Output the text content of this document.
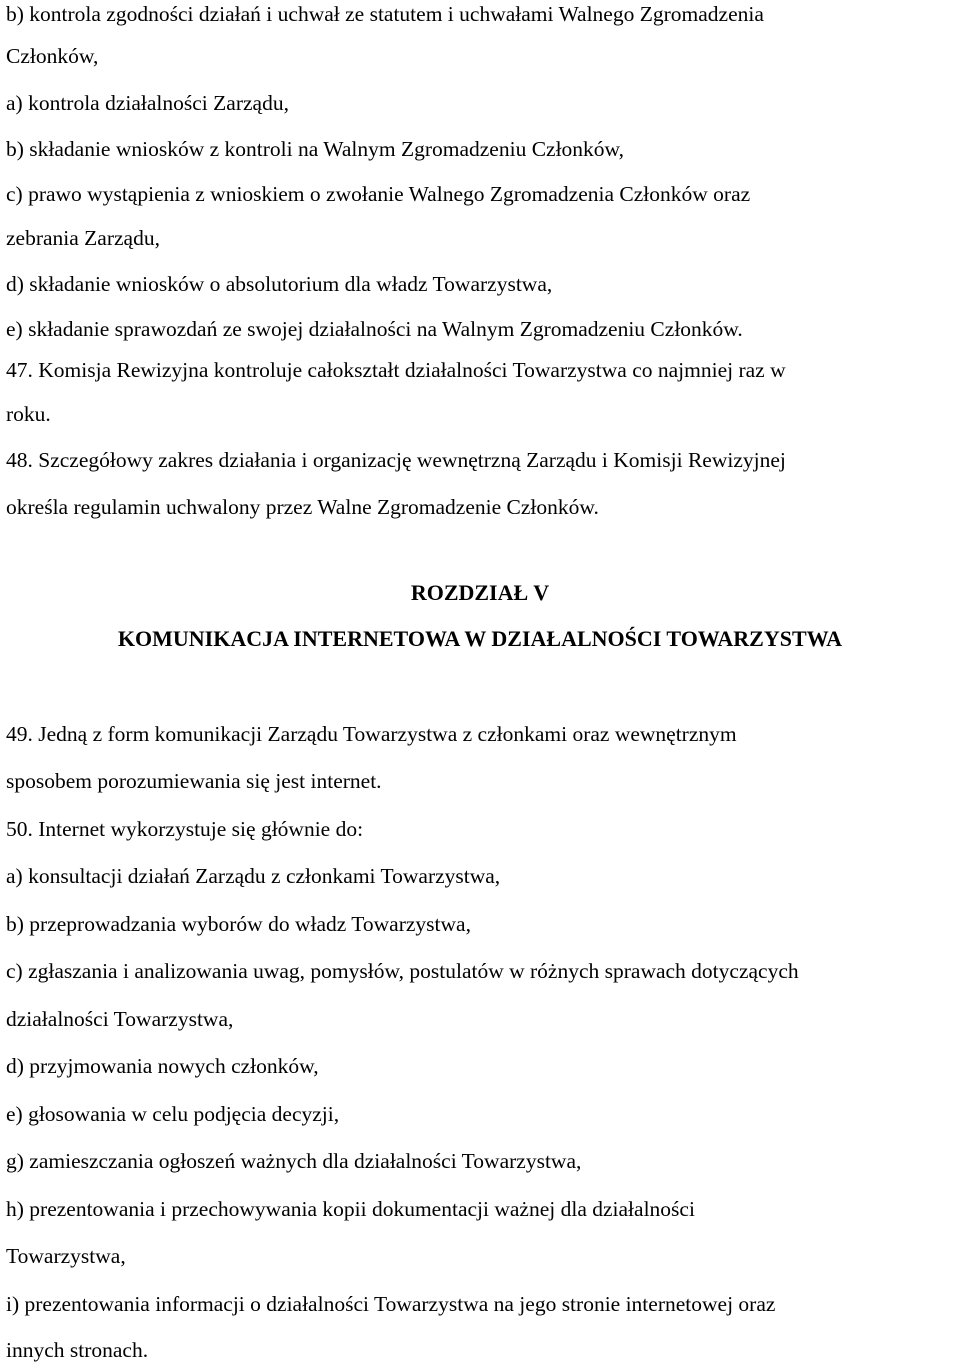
b) kontrola zgodności działań i uchwał ze statutem i uchwałami Walnego Zgromadzenia
Członków,
a) kontrola działalności Zarządu,
b) składanie wniosków z kontroli na Walnym Zgromadzeniu Członków,
c) prawo wystąpienia z wnioskiem o zwołanie Walnego Zgromadzenia Członków oraz
zebrania Zarządu,
d) składanie wniosków o absolutorium dla władz Towarzystwa,
e) składanie sprawozdań ze swojej działalności na Walnym Zgromadzeniu Członków.
47. Komisja Rewizyjna kontroluje całokształt działalności Towarzystwa co najmniej raz w
roku.
48. Szczegółowy zakres działania i organizację wewnętrzną Zarządu i Komisji Rewizyjnej
określa regulamin uchwalony przez Walne Zgromadzenie Członków.
ROZDZIAŁ V
KOMUNIKACJA INTERNETOWA W DZIAŁALNOŚCI TOWARZYSTWA
49. Jedną z form komunikacji Zarządu Towarzystwa z członkami oraz wewnętrznym
sposobem porozumiewania się jest internet.
50. Internet wykorzystuje się głównie do:
a) konsultacji działań Zarządu z członkami Towarzystwa,
b) przeprowadzania wyborów do władz Towarzystwa,
c) zgłaszania i analizowania uwag, pomysłów, postulatów w różnych sprawach dotyczących
działalności Towarzystwa,
d) przyjmowania nowych członków,
e) głosowania w celu podjęcia decyzji,
g) zamieszczania ogłoszeń ważnych dla działalności Towarzystwa,
h) prezentowania i przechowywania kopii dokumentacji ważnej dla działalności
Towarzystwa,
i) prezentowania informacji o działalności Towarzystwa na jego stronie internetowej oraz
innych stronach.
